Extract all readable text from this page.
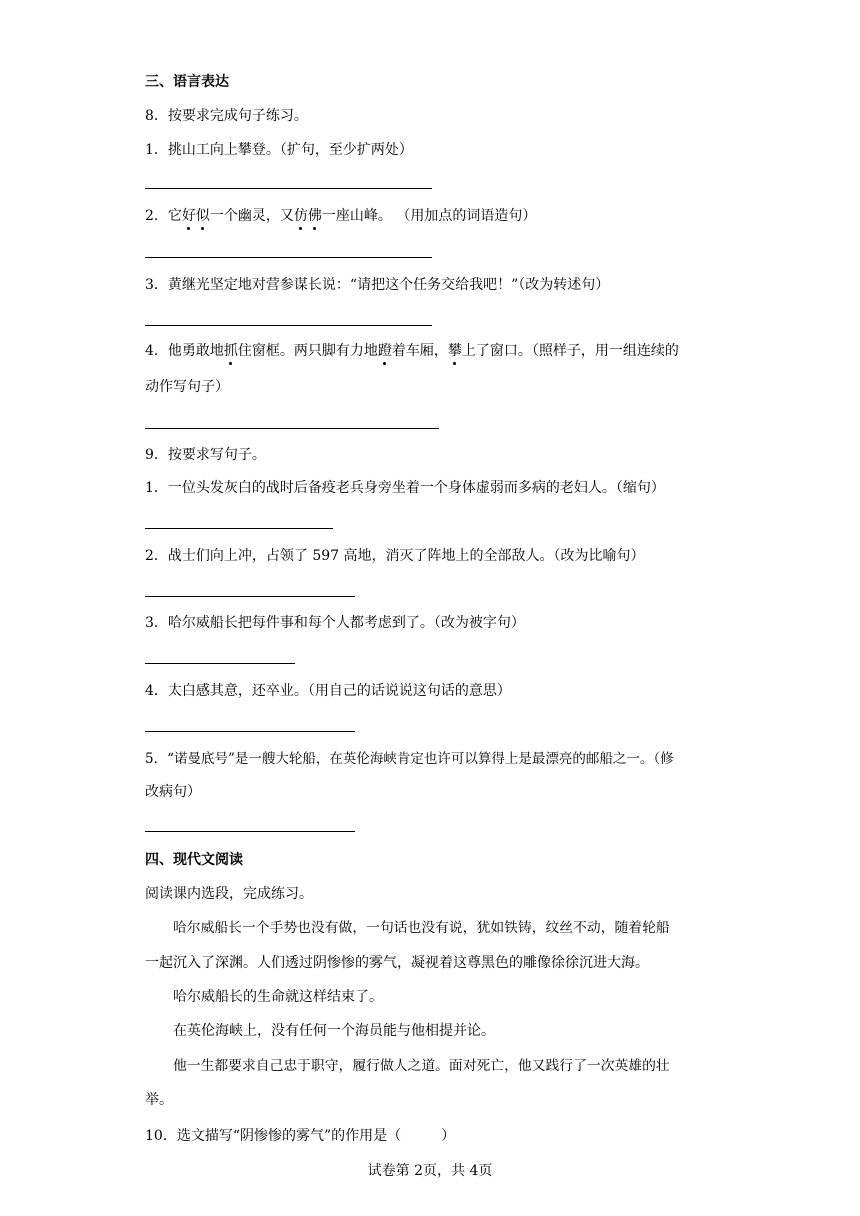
三、语言表达
8．按要求完成句子练习。
1．挑山工向上攀登。（扩句，至少扩两处）
2．它好似一个幽灵，又仿佛一座山峰。 （用加点的词语造句）
3．黄继光坚定地对营参谋长说：“请把这个任务交给我吧！”（改为转述句）
4．他勇敢地抓住窗框。两只脚有力地蹬着车厢，攀上了窗口。（照样子，用一组连续的
动作写句子）
9．按要求写句子。
1．一位头发灰白的战时后备疫老兵身旁坐着一个身体虚弱而多病的老妇人。（缩句）
2．战士们向上冲，占领了 597 高地，消灭了阵地上的全部敌人。（改为比喻句）
3．哈尔威船长把每件事和每个人都考虑到了。（改为被字句）
4．太白感其意，还卒业。（用自己的话说说这句话的意思）
5．“诺曼底号”是一艘大轮船，在英伦海峡肯定也许可以算得上是最漂亮的邮船之一。（修
改病句）
四、现代文阅读
阅读课内选段，完成练习。
哈尔威船长一个手势也没有做，一句话也没有说，犹如铁铸，纹丝不动，随着轮船
一起沉入了深渊。人们透过阴惨惨的雾气，凝视着这尊黑色的雕像徐徐沉进大海。
哈尔威船长的生命就这样结束了。
在英伦海峡上，没有任何一个海员能与他相提并论。
他一生都要求自己忠于职守，履行做人之道。面对死亡，他又践行了一次英雄的壮
举。
10．选文描写“阴惨惨的雾气”的作用是（	）
试卷第 2页，共 4页
